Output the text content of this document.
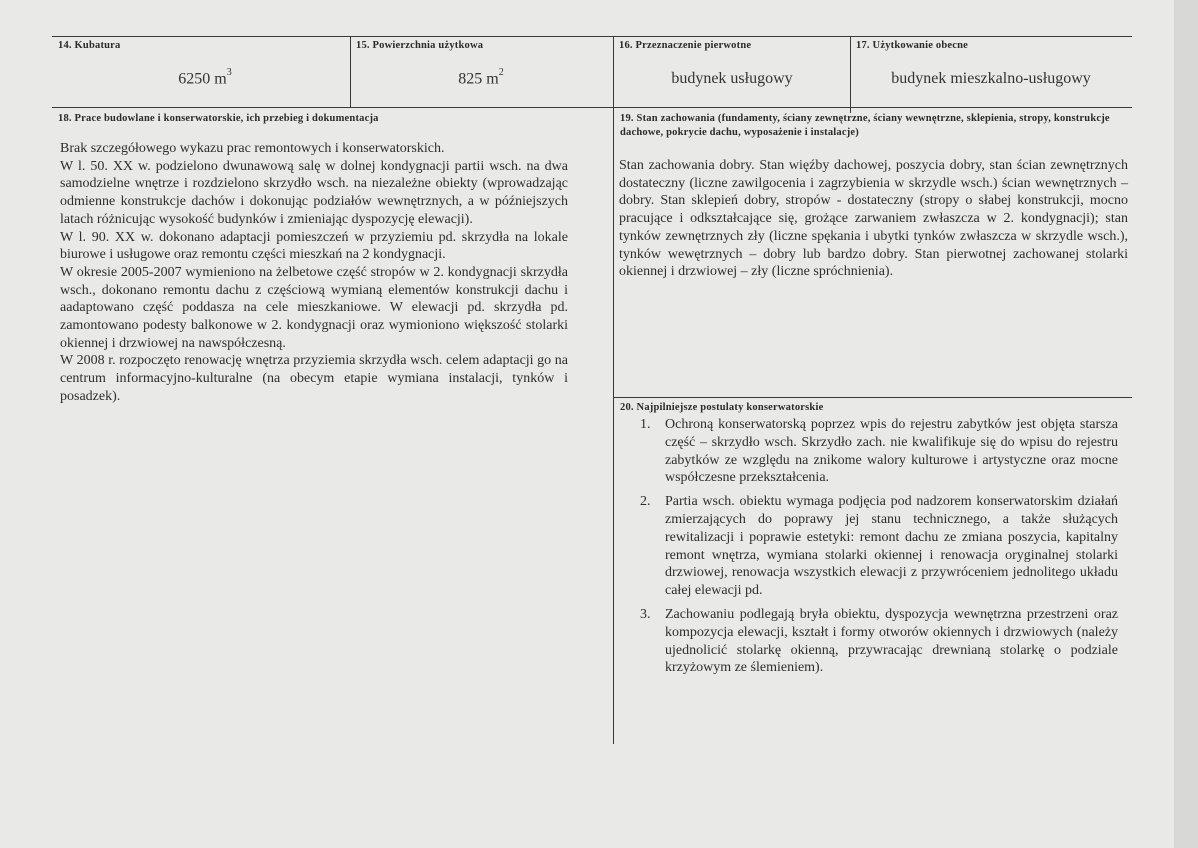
14. Kubatura
6250 $m^3$
15. Powierzchnia użytkowa
825 $m^2$
16. Przeznaczenie pierwotne
budynek usługowy
17. Użytkowanie obecne
budynek mieszkalno-usługowy
18. Prace budowlane i konserwatorskie, ich przebieg i dokumentacja

Brak szczegółowego wykazu prac remontowych i konserwatorskich.

W l. 50. XX w. podzielono dwunawową salę w dolnej kondygnacji partii wsch. na dwa samodzielne wnętrze i rozdzielono skrzydło wsch. na niezależne obiekty (wprowadzając odmienne konstrukcje dachów i dokonując podziałów wewnętrznych, a w późniejszych latach różnicując wysokość budynków i zmieniając dyspozycję elewacji).

W l. 90. XX w. dokonano adaptacji pomieszczeń w przyziemiu pd. skrzydła na lokale biurowe i usługowe oraz remontu części mieszkań na 2 kondygnacji.

W okresie 2005-2007 wymieniono na żelbetowe część stropów w 2. kondygnacji skrzydła wsch., dokonano remontu dachu z częściową wymianą elementów konstrukcji dachu i aadaptowano część poddasza na cele mieszkaniowe. W elewacji pd. skrzydła pd. zamontowano podesty balkonowe w 2. kondygnacji oraz wymioniono większość stolarki okiennej i drzwiowej na nawspółczesną.

W 2008 r. rozpoczęto renowację wnętrza przyziemia skrzydła wsch. celem adaptacji go na centrum informacyjno-kulturalne (na obecym etapie wymiana instalacji, tynków i posadzek).

19. Stan zachowania (fundamenty, ściany zewnętrzne, ściany wewnętrzne, sklepienia, stropy, konstrukcje dachowe, pokrycie dachu, wyposażenie i instalacje)
Stan zachowania dobry. Stan więźby dachowej, poszycia dobry, stan ścian zewnętrznych dostateczny (liczne zawilgocenia i zagrzybienia w skrzydle wsch.) ścian wewnętrznych – dobry. Stan sklepień dobry, stropów - dostateczny (stropy o słabej konstrukcji, mocno pracujące i odkształcające się, grożące zarwaniem zwłaszcza w 2. kondygnacji); stan tynków zewnętrznych zły (liczne spękania i ubytki tynków zwłaszcza w skrzydle wsch.), tynków wewętrznych – dobry lub bardzo dobry. Stan pierwotnej zachowanej stolarki okiennej i drzwiowej – zły (liczne spróchnienia).
20. Najpilniejsze postulaty konserwatorskie
1. Ochroną konserwatorską poprzez wpis do rejestru zabytków jest objęta starsza część – skrzydło wsch. Skrzydło zach. nie kwalifikuje się do wpisu do rejestru zabytków ze względu na znikome walory kulturowe i artystyczne oraz mocne współczesne przekształcenia.
2. Partia wsch. obiektu wymaga podjęcia pod nadzorem konserwatorskim działań zmierzających do poprawy jej stanu technicznego, a także służących rewitalizacji i poprawie estetyki: remont dachu ze zmiana poszycia, kapitalny remont wnętrza, wymiana stolarki okiennej i renowacja oryginalnej stolarki drzwiowej, renowacja wszystkich elewacji z przywróceniem jednolitego układu całej elewacji pd.
3. Zachowaniu podlegają bryła obiektu, dyspozycja wewnętrzna przestrzeni oraz kompozycja elewacji, kształt i formy otworów okiennych i drzwiowych (należy ujednolicić stolarkę okienną, przywracając drewnianą stolarkę o podziale krzyżowym ze ślemieniem).
